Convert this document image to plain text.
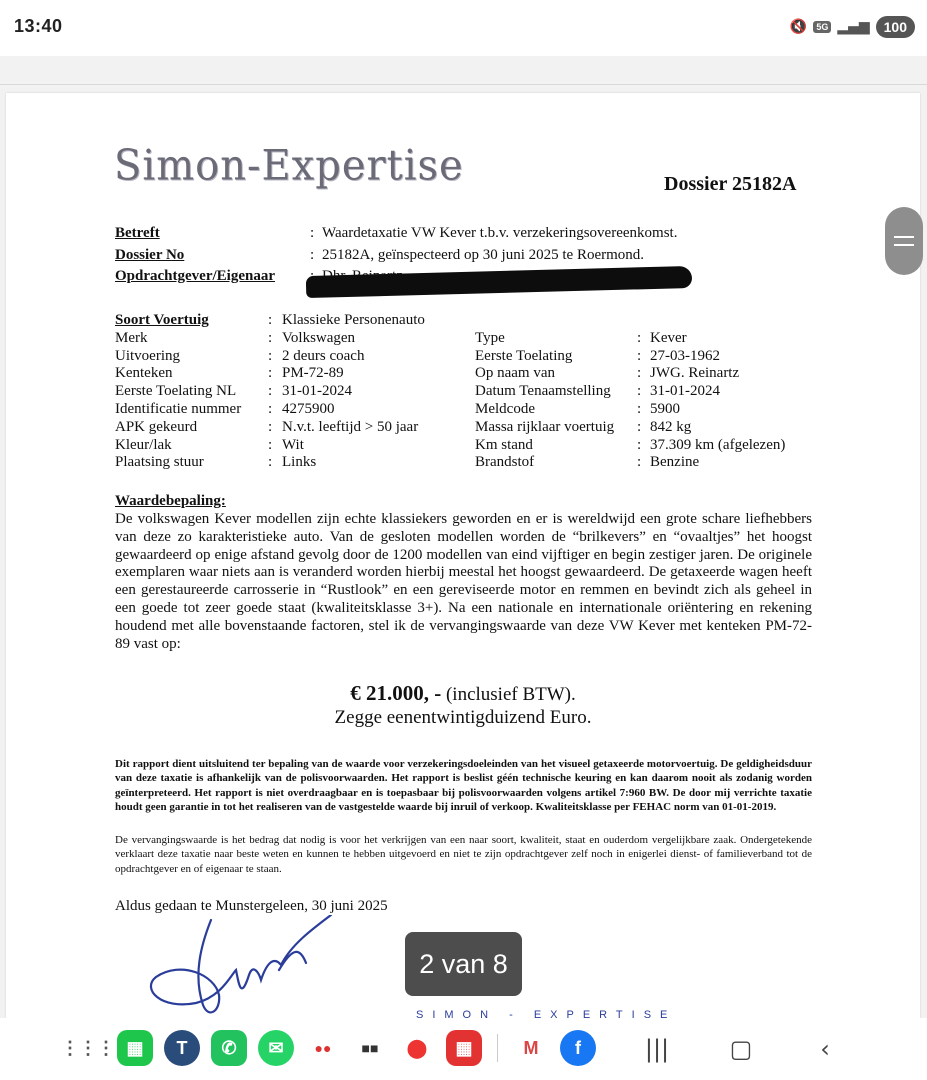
13:40	🔇	5G ▂▄▆	100
Simon-Expertise	Dossier 25182A
Betreft	: Waardetaxatie VW Kever t.b.v. verzekeringsovereenkomst.
Dossier No	: 25182A, geïnspecteerd op 30 juni 2025 te Roermond.
Opdrachtgever/Eigenaar
Soort Voertuig	: Klassieke Personenauto
Merk	: Volkswagen	Type	: Kever
Uitvoering	: 2 deurs coach	Eerste Toelating	: 27-03-1962
Kenteken	: PM-72-89	Op naam van	: JWG. Reinartz
Eerste Toelating NL	: 31-01-2024	Datum Tenaamstelling	: 31-01-2024
Identificatie nummer	: 4275900	Meldcode	: 5900
APK gekeurd	: N.v.t. leeftijd > 50 jaar	Massa rijklaar voertuig	: 842 kg
Kleur/lak	: Wit	Km stand	: 37.309 km (afgelezen)
Plaatsing stuur	: Links	Brandstof	: Benzine
Waardebepaling:
De volkswagen Kever modellen zijn echte klassiekers geworden en er is wereldwijd een grote schare liefhebbers van deze zo karakteristieke auto. Van de gesloten modellen worden de “brilkevers” en “ovaaltjes” het hoogst gewaardeerd op enige afstand gevolg door de 1200 modellen van eind vijftiger en begin zestiger jaren. De originele exemplaren waar niets aan is veranderd worden hierbij meestal het hoogst gewaardeerd. De getaxeerde wagen heeft een gerestaureerde carrosserie in “Rustlook” en een gereviseerde motor en remmen en bevindt zich als geheel in een goede tot zeer goede staat (kwaliteitsklasse 3+). Na een nationale en internationale oriëntering en rekening houdend met alle bovenstaande factoren, stel ik de vervangingswaarde van deze VW Kever met kenteken PM-72-89 vast op:
€ 21.000, - (inclusief BTW).
Zegge eenentwintigduizend Euro.
Dit rapport dient uitsluitend ter bepaling van de waarde voor verzekeringsdoeleinden van het visueel getaxeerde motorvoertuig. De geldigheidsduur van deze taxatie is afhankelijk van de polisvoorwaarden. Het rapport is beslist géén technische keuring en kan daarom nooit als zodanig worden geïnterpreteerd. Het rapport is niet overdraagbaar en is toepasbaar bij polisvoorwaarden volgens artikel 7:960 BW. De door mij verrichte taxatie houdt geen garantie in tot het realiseren van de vastgestelde waarde bij inruil of verkoop. Kwaliteitsklasse per FEHAC norm van 01-01-2019.
De vervangingswaarde is het bedrag dat nodig is voor het verkrijgen van een naar soort, kwaliteit, staat en ouderdom vergelijkbare zaak. Ondergetekende verklaart deze taxatie naar beste weten en kunnen te hebben uitgevoerd en niet te zijn opdrachtgever zelf noch in enigerlei dienst- of familieverband tot de opdrachtgever en of eigenaar te staan.
Aldus gedaan te Munstergeleen, 30 juni 2025
SIMON - EXPERTISE
2 van 8
⋮⋮⋮ ▦	T	✆	✉	●●	■■	⬤	▦	M	f	|||	▢	‹
